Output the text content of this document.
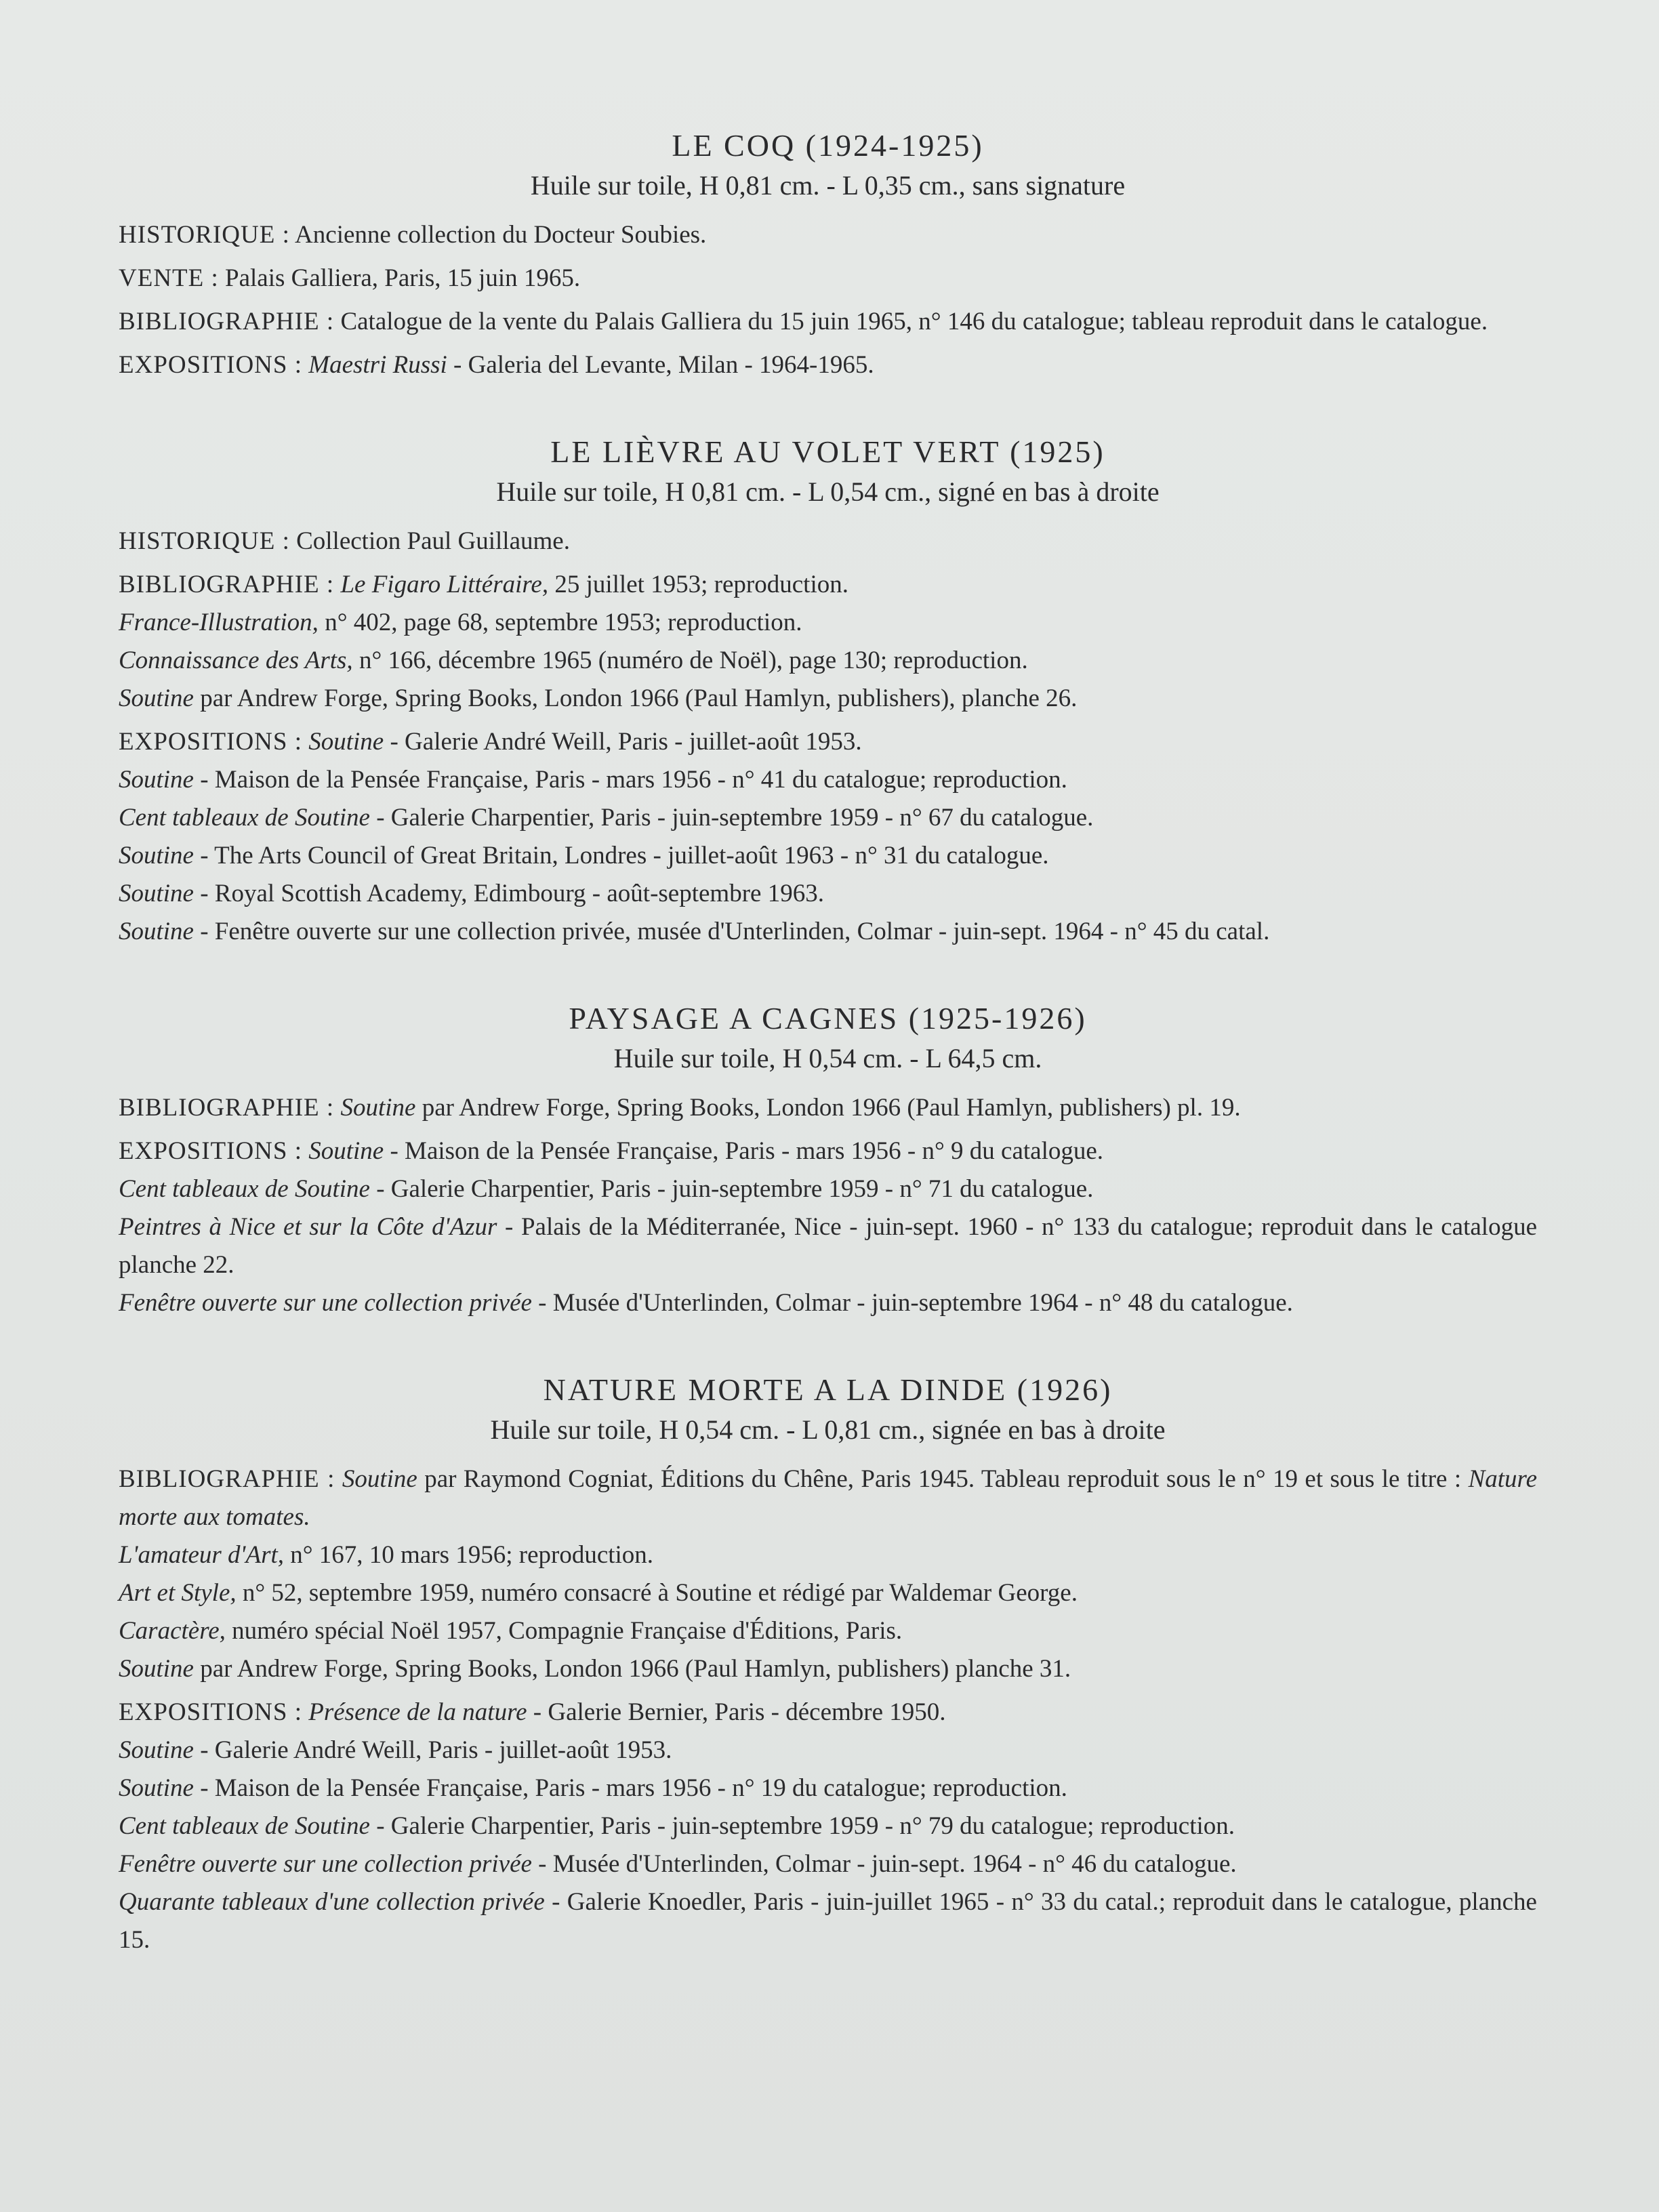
LE COQ (1924-1925)

Huile sur toile, H 0,81 cm. - L 0,35 cm., sans signature

HISTORIQUE : Ancienne collection du Docteur Soubies.

VENTE : Palais Galliera, Paris, 15 juin 1965.

BIBLIOGRAPHIE : Catalogue de la vente du Palais Galliera du 15 juin 1965, n° 146 du catalogue; tableau reproduit dans le catalogue.

EXPOSITIONS : Maestri Russi - Galeria del Levante, Milan - 1964-1965.

LE LIÈVRE AU VOLET VERT (1925)

Huile sur toile, H 0,81 cm. - L 0,54 cm., signé en bas à droite

HISTORIQUE : Collection Paul Guillaume.

BIBLIOGRAPHIE : Le Figaro Littéraire, 25 juillet 1953; reproduction.

France-Illustration, n° 402, page 68, septembre 1953; reproduction.

Connaissance des Arts, n° 166, décembre 1965 (numéro de Noël), page 130; reproduction.

Soutine par Andrew Forge, Spring Books, London 1966 (Paul Hamlyn, publishers), planche 26.

EXPOSITIONS : Soutine - Galerie André Weill, Paris - juillet-août 1953.

Soutine - Maison de la Pensée Française, Paris - mars 1956 - n° 41 du catalogue; reproduction.

Cent tableaux de Soutine - Galerie Charpentier, Paris - juin-septembre 1959 - n° 67 du catalogue.

Soutine - The Arts Council of Great Britain, Londres - juillet-août 1963 - n° 31 du catalogue.

Soutine - Royal Scottish Academy, Edimbourg - août-septembre 1963.

Soutine - Fenêtre ouverte sur une collection privée, musée d'Unterlinden, Colmar - juin-sept. 1964 - n° 45 du catal.

PAYSAGE A CAGNES (1925-1926)

Huile sur toile, H 0,54 cm. - L 64,5 cm.

BIBLIOGRAPHIE : Soutine par Andrew Forge, Spring Books, London 1966 (Paul Hamlyn, publishers) pl. 19.

EXPOSITIONS : Soutine - Maison de la Pensée Française, Paris - mars 1956 - n° 9 du catalogue.

Cent tableaux de Soutine - Galerie Charpentier, Paris - juin-septembre 1959 - n° 71 du catalogue.

Peintres à Nice et sur la Côte d'Azur - Palais de la Méditerranée, Nice - juin-sept. 1960 - n° 133 du catalogue; reproduit dans le catalogue planche 22.

Fenêtre ouverte sur une collection privée - Musée d'Unterlinden, Colmar - juin-septembre 1964 - n° 48 du catalogue.

NATURE MORTE A LA DINDE (1926)

Huile sur toile, H 0,54 cm. - L 0,81 cm., signée en bas à droite

BIBLIOGRAPHIE : Soutine par Raymond Cogniat, Éditions du Chêne, Paris 1945. Tableau reproduit sous le n° 19 et sous le titre : Nature morte aux tomates.

L'amateur d'Art, n° 167, 10 mars 1956; reproduction.

Art et Style, n° 52, septembre 1959, numéro consacré à Soutine et rédigé par Waldemar George.

Caractère, numéro spécial Noël 1957, Compagnie Française d'Éditions, Paris.

Soutine par Andrew Forge, Spring Books, London 1966 (Paul Hamlyn, publishers) planche 31.

EXPOSITIONS : Présence de la nature - Galerie Bernier, Paris - décembre 1950.

Soutine - Galerie André Weill, Paris - juillet-août 1953.

Soutine - Maison de la Pensée Française, Paris - mars 1956 - n° 19 du catalogue; reproduction.

Cent tableaux de Soutine - Galerie Charpentier, Paris - juin-septembre 1959 - n° 79 du catalogue; reproduction.

Fenêtre ouverte sur une collection privée - Musée d'Unterlinden, Colmar - juin-sept. 1964 - n° 46 du catalogue.

Quarante tableaux d'une collection privée - Galerie Knoedler, Paris - juin-juillet 1965 - n° 33 du catal.; reproduit dans le catalogue, planche 15.
